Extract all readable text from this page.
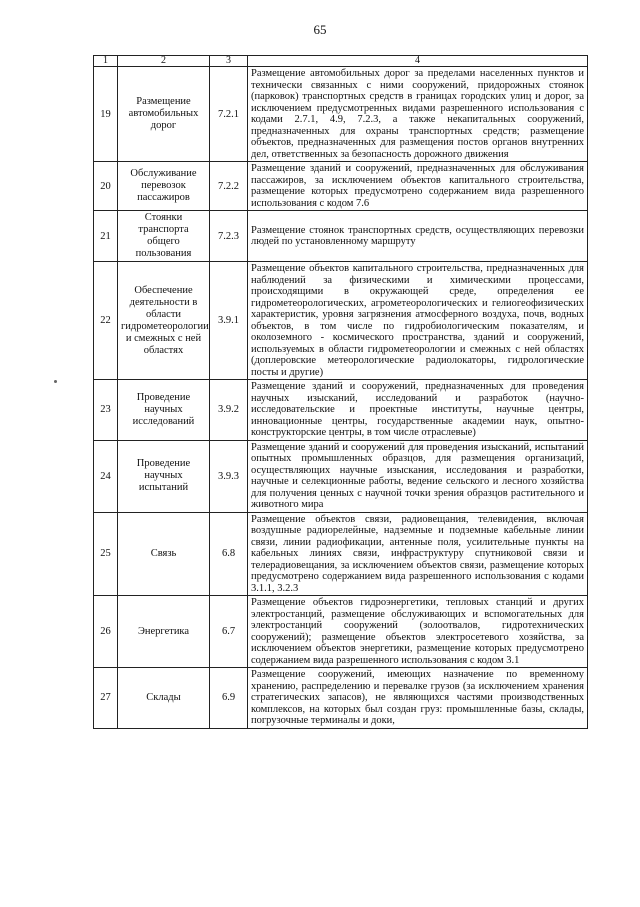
65
1	2	3	4
19	Размещение автомобильных дорог	7.2.1	Размещение автомобильных дорог за пределами населенных пунктов и технически связанных с ними сооружений, придорожных стоянок (парковок) транспортных средств в границах городских улиц и дорог, за исключением предусмотренных видами разрешенного использования с кодами 2.7.1, 4.9, 7.2.3, а также некапитальных сооружений, предназначенных для охраны транспортных средств; размещение объектов, предназначенных для размещения постов органов внутренних дел, ответственных за безопасность дорожного движения
20	Обслуживание перевозок пассажиров	7.2.2	Размещение зданий и сооружений, предназначенных для обслуживания пассажиров, за исключением объектов капитального строительства, размещение которых предусмотрено содержанием вида разрешенного использования с кодом 7.6
21	Стоянки транспорта общего пользования	7.2.3	Размещение стоянок транспортных средств, осуществляющих перевозки людей по установленному маршруту
22	Обеспечение деятельности в области гидрометеорологии и смежных с ней областях	3.9.1	Размещение объектов капитального строительства, предназначенных для наблюдений за физическими и химическими процессами, происходящими в окружающей среде, определения ее гидрометеорологических, агрометеорологических и гелиогеофизических характеристик, уровня загрязнения атмосферного воздуха, почв, водных объектов, в том числе по гидробиологическим показателям, и околоземного - космического пространства, зданий и сооружений, используемых в области гидрометеорологии и смежных с ней областях (доплеровские метеорологические радиолокаторы, гидрологические посты и другие)
23	Проведение научных исследований	3.9.2	Размещение зданий и сооружений, предназначенных для проведения научных изысканий, исследований и разработок (научно-исследовательские и проектные институты, научные центры, инновационные центры, государственные академии наук, опытно-конструкторские центры, в том числе отраслевые)
24	Проведение научных испытаний	3.9.3	Размещение зданий и сооружений для проведения изысканий, испытаний опытных промышленных образцов, для размещения организаций, осуществляющих научные изыскания, исследования и разработки, научные и селекционные работы, ведение сельского и лесного хозяйства для получения ценных с научной точки зрения образцов растительного и животного мира
25	Связь	6.8	Размещение объектов связи, радиовещания, телевидения, включая воздушные радиорелейные, надземные и подземные кабельные линии связи, линии радиофикации, антенные поля, усилительные пункты на кабельных линиях связи, инфраструктуру спутниковой связи и телерадиовещания, за исключением объектов связи, размещение которых предусмотрено содержанием вида разрешенного использования с кодами 3.1.1, 3.2.3
26	Энергетика	6.7	Размещение объектов гидроэнергетики, тепловых станций и других электростанций, размещение обслуживающих и вспомогательных для электростанций сооружений (золоотвалов, гидротехнических сооружений); размещение объектов электросетевого хозяйства, за исключением объектов энергетики, размещение которых предусмотрено содержанием вида разрешенного использования с кодом 3.1
27	Склады	6.9	Размещение сооружений, имеющих назначение по временному хранению, распределению и перевалке грузов (за исключением хранения стратегических запасов), не являющихся частями производственных комплексов, на которых был создан груз: промышленные базы, склады, погрузочные терминалы и доки,
